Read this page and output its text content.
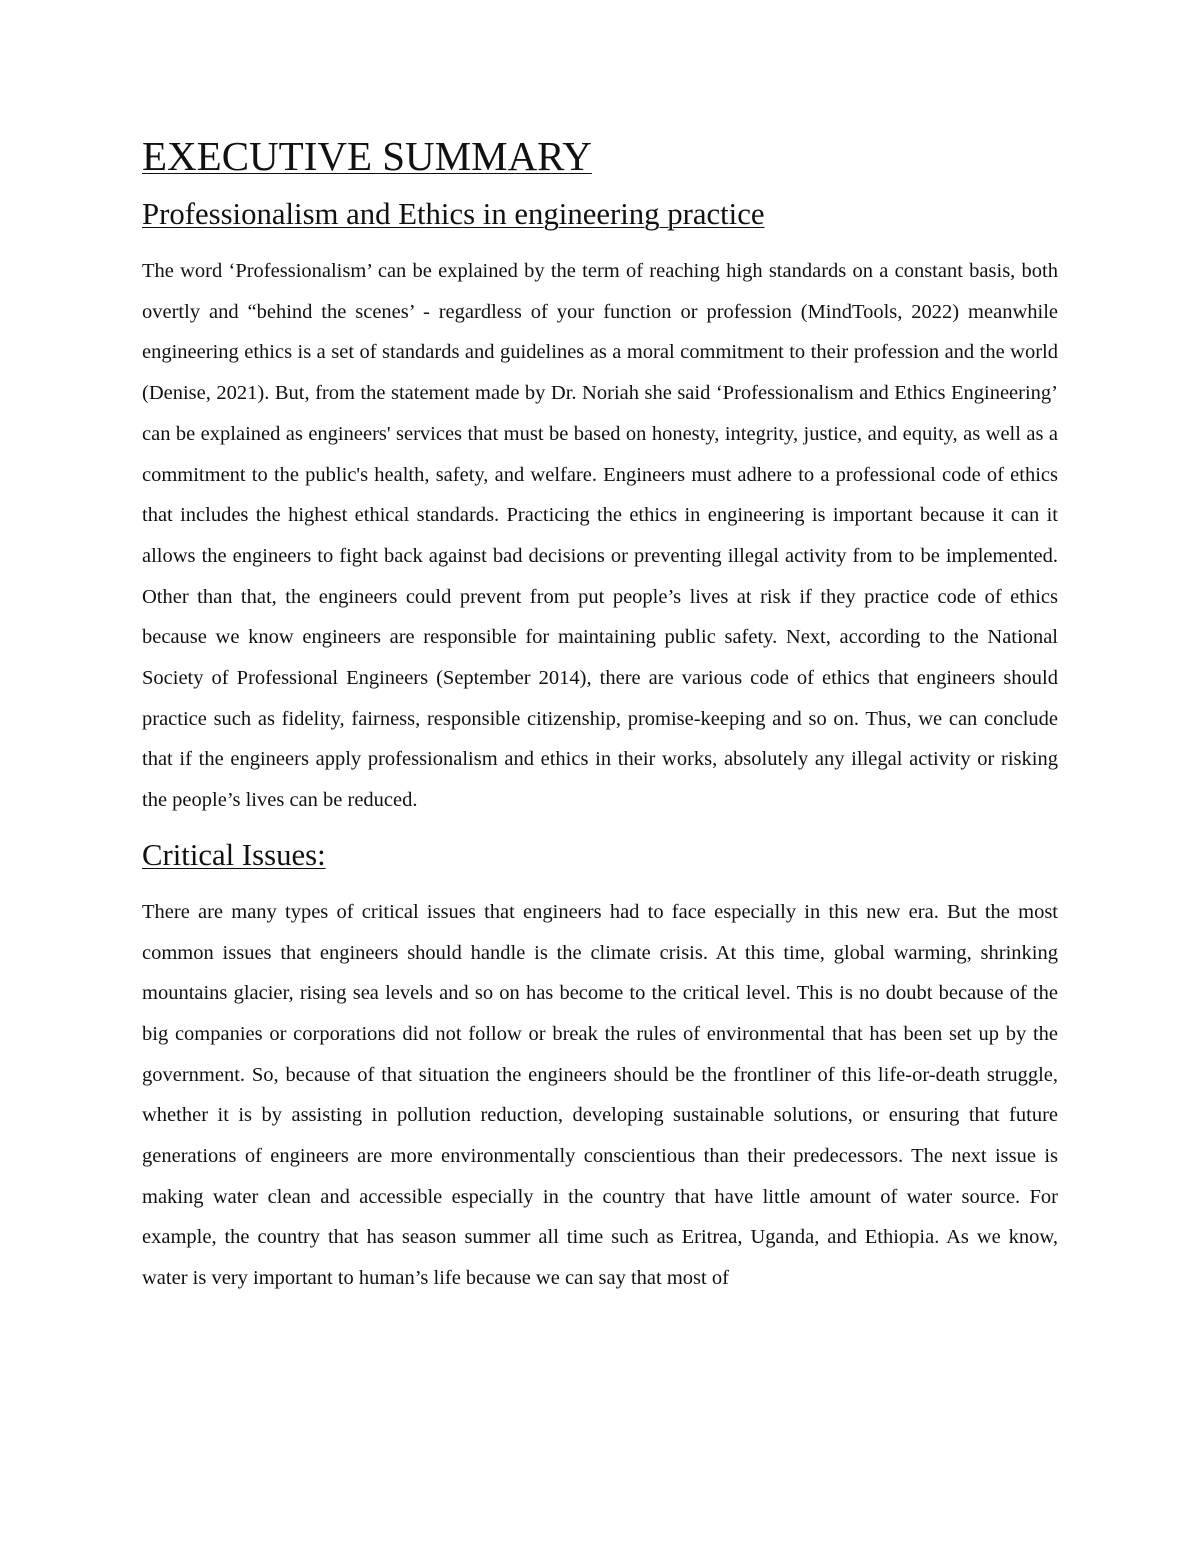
EXECUTIVE SUMMARY
Professionalism and Ethics in engineering practice

The word ‘Professionalism’ can be explained by the term of reaching high standards on a constant basis, both overtly and “behind the scenes’ - regardless of your function or profession (MindTools, 2022) meanwhile engineering ethics is a set of standards and guidelines as a moral commitment to their profession and the world (Denise, 2021). But, from the statement made by Dr. Noriah she said ‘Professionalism and Ethics Engineering’ can be explained as engineers' services that must be based on honesty, integrity, justice, and equity, as well as a commitment to the public's health, safety, and welfare. Engineers must adhere to a professional code of ethics that includes the highest ethical standards. Practicing the ethics in engineering is important because it can it allows the engineers to fight back against bad decisions or preventing illegal activity from to be implemented. Other than that, the engineers could prevent from put people’s lives at risk if they practice code of ethics because we know engineers are responsible for maintaining public safety. Next, according to the National Society of Professional Engineers (September 2014), there are various code of ethics that engineers should practice such as fidelity, fairness, responsible citizenship, promise-keeping and so on. Thus, we can conclude that if the engineers apply professionalism and ethics in their works, absolutely any illegal activity or risking the people’s lives can be reduced.

Critical Issues:

There are many types of critical issues that engineers had to face especially in this new era. But the most common issues that engineers should handle is the climate crisis. At this time, global warming, shrinking mountains glacier, rising sea levels and so on has become to the critical level. This is no doubt because of the big companies or corporations did not follow or break the rules of environmental that has been set up by the government. So, because of that situation the engineers should be the frontliner of this life-or-death struggle, whether it is by assisting in pollution reduction, developing sustainable solutions, or ensuring that future generations of engineers are more environmentally conscientious than their predecessors. The next issue is making water clean and accessible especially in the country that have little amount of water source. For example, the country that has season summer all time such as Eritrea, Uganda, and Ethiopia. As we know, water is very important to human’s life because we can say that most of
